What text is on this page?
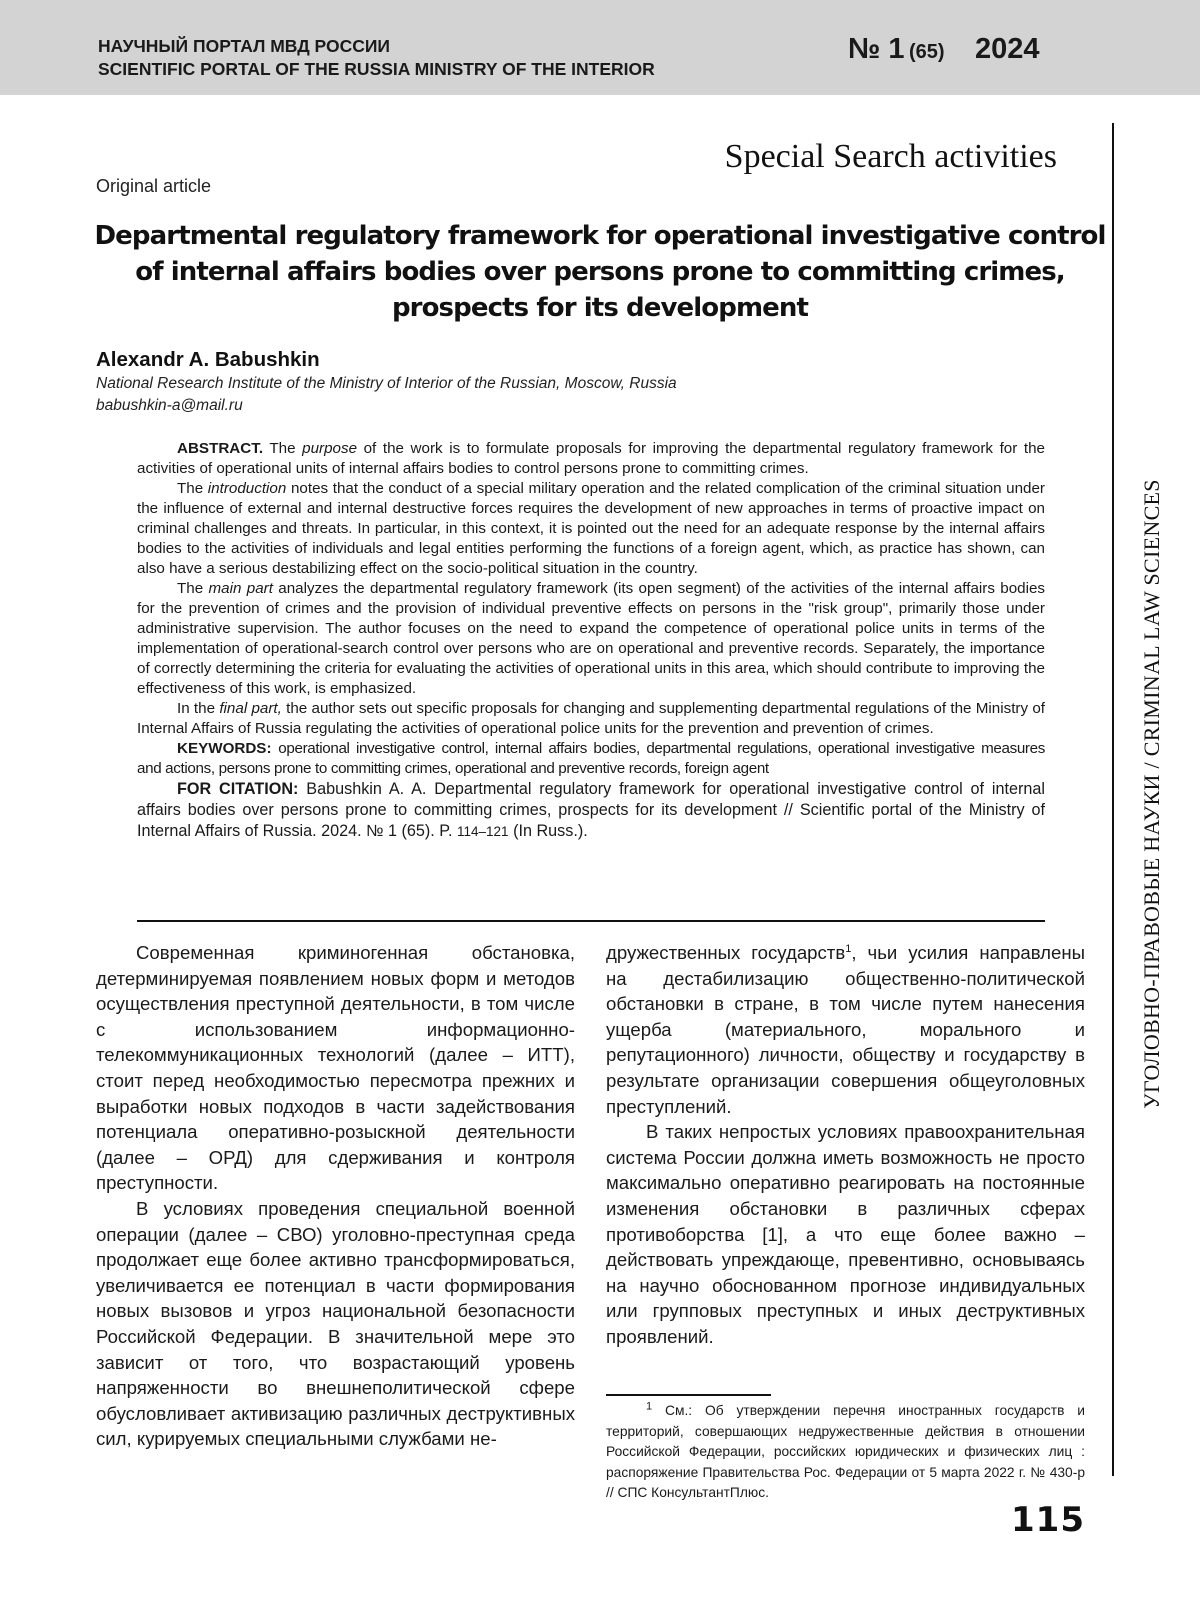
НАУЧНЫЙ ПОРТАЛ МВД РОССИИ
SCIENTIFIC PORTAL OF THE RUSSIA MINISTRY OF THE INTERIOR
№ 1 (65) 2024
УГОЛОВНО-ПРАВОВЫЕ НАУКИ / CRIMINAL LAW SCIENCES
Special Search activities
Original article
Departmental regulatory framework for operational investigative control of internal affairs bodies over persons prone to committing crimes, prospects for its development
Alexandr A. Babushkin
National Research Institute of the Ministry of Interior of the Russian, Moscow, Russia
babushkin-a@mail.ru

ABSTRACT. The purpose of the work is to formulate proposals for improving the departmental regulatory framework for the activities of operational units of internal affairs bodies to control persons prone to committing crimes.

The introduction notes that the conduct of a special military operation and the related complication of the criminal situation under the influence of external and internal destructive forces requires the development of new approaches in terms of proactive impact on criminal challenges and threats. In particular, in this context, it is pointed out the need for an adequate response by the internal affairs bodies to the activities of individuals and legal entities performing the functions of a foreign agent, which, as practice has shown, can also have a serious destabilizing effect on the socio-political situation in the country.

The main part analyzes the departmental regulatory framework (its open segment) of the activities of the internal affairs bodies for the prevention of crimes and the provision of individual preventive effects on persons in the "risk group", primarily those under administrative supervision. The author focuses on the need to expand the competence of operational police units in terms of the implementation of operational-search control over persons who are on operational and preventive records. Separately, the importance of correctly determining the criteria for evaluating the activities of operational units in this area, which should contribute to improving the effectiveness of this work, is emphasized.

In the final part, the author sets out specific proposals for changing and supplementing departmental regulations of the Ministry of Internal Affairs of Russia regulating the activities of operational police units for the prevention and prevention of crimes.

KEYWORDS: operational investigative control, internal affairs bodies, departmental regulations, operational investigative measures and actions, persons prone to committing crimes, operational and preventive records, foreign agent

FOR CITATION: Babushkin A. A. Departmental regulatory framework for operational investigative control of internal affairs bodies over persons prone to committing crimes, prospects for its development // Scientific portal of the Ministry of Internal Affairs of Russia. 2024. № 1 (65). P. 114–121 (In Russ.).

Современная криминогенная обстановка, детерминируемая появлением новых форм и методов осуществления преступной деятельности, в том числе с использованием информационно-телекоммуникационных технологий (далее – ИТТ), стоит перед необходимостью пересмотра прежних и выработки новых подходов в части задействования потенциала оперативно-розыскной деятельности (далее – ОРД) для сдерживания и контроля преступности.

В условиях проведения специальной военной операции (далее – СВО) уголовно-преступная среда продолжает еще более активно трансформироваться, увеличивается ее потенциал в части формирования новых вызовов и угроз национальной безопасности Российской Федерации. В значительной мере это зависит от того, что возрастающий уровень напряженности во внешнеполитической сфере обусловливает активизацию различных деструктивных сил, курируемых специальными службами не-

дружественных государств$^1$, чьи усилия направлены на дестабилизацию общественно-политической обстановки в стране, в том числе путем нанесения ущерба (материального, морального и репутационного) личности, обществу и государству в результате организации совершения общеуголовных преступлений.

В таких непростых условиях правоохранительная система России должна иметь возможность не просто максимально оперативно реагировать на постоянные изменения обстановки в различных сферах противоборства [1], а что еще более важно – действовать упреждающе, превентивно, основываясь на научно обоснованном прогнозе индивидуальных или групповых преступных и иных деструктивных проявлений.

$^1$ См.: Об утверждении перечня иностранных государств и территорий, совершающих недружественные действия в отношении Российской Федерации, российских юридических и физических лиц : распоряжение Правительства Рос. Федерации от 5 марта 2022 г. № 430-р // СПС КонсультантПлюс.

115
